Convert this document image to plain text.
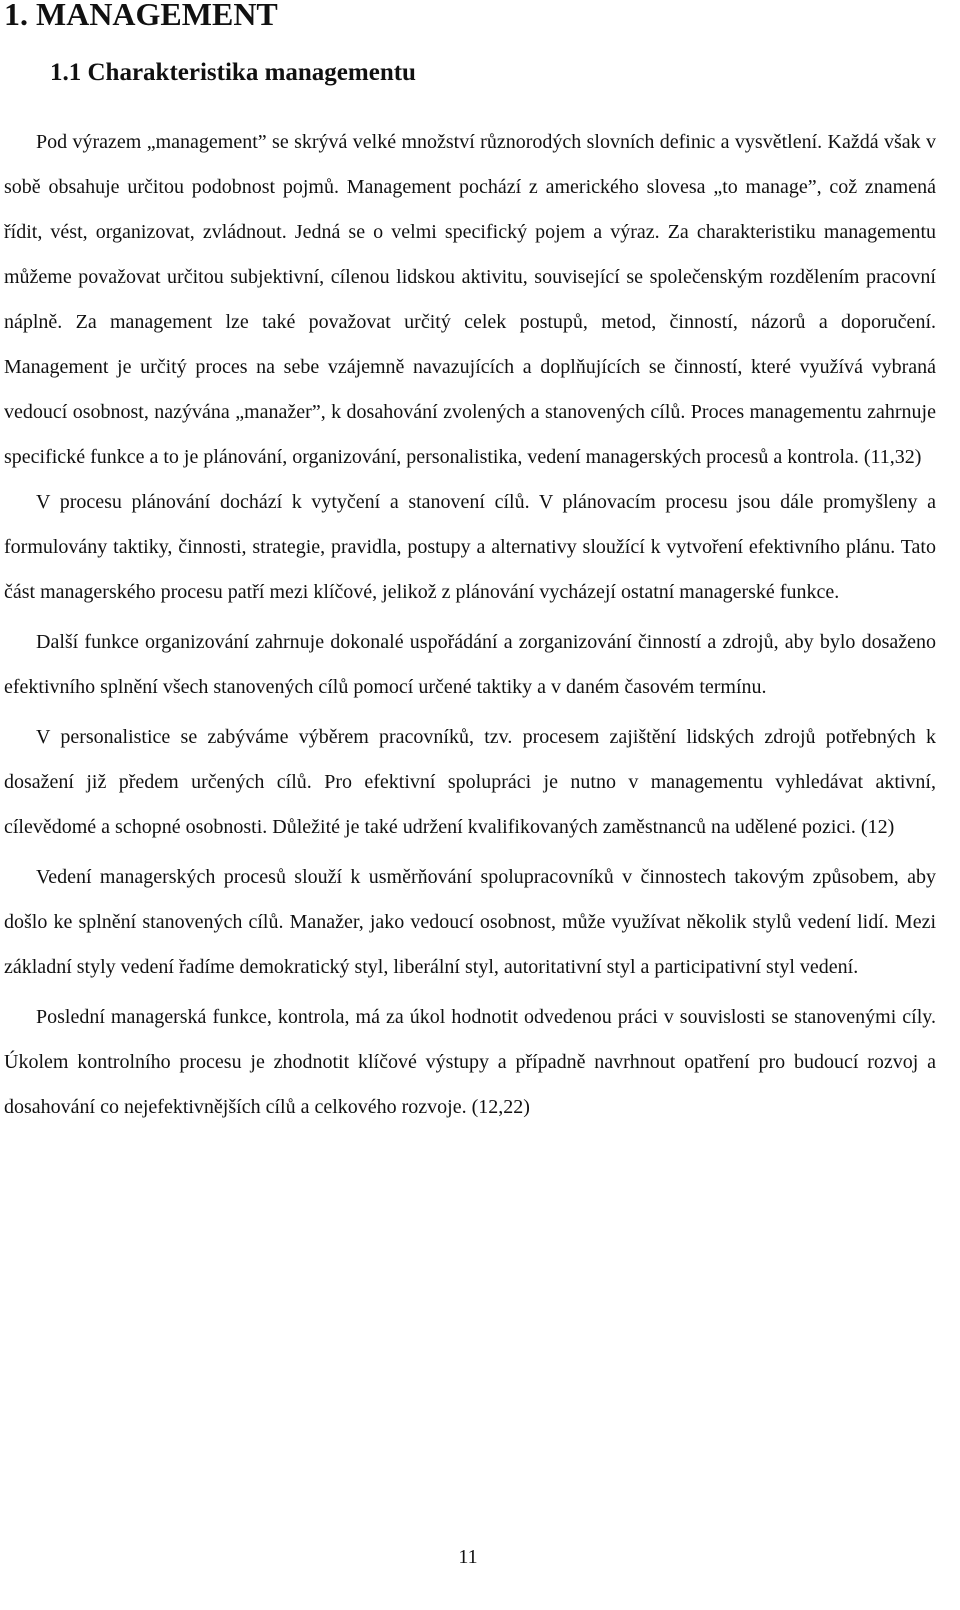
1. MANAGEMENT
1.1 Charakteristika managementu

Pod výrazem „management” se skrývá velké množství různorodých slovních definic a vysvětlení. Každá však v sobě obsahuje určitou podobnost pojmů. Management pochází z amerického slovesa „to manage”, což znamená řídit, vést, organizovat, zvládnout. Jedná se o velmi specifický pojem a výraz. Za charakteristiku managementu můžeme považovat určitou subjektivní, cílenou lidskou aktivitu, související se společenským rozdělením pracovní náplně. Za management lze také považovat určitý celek postupů, metod, činností, názorů a doporučení. Management je určitý proces na sebe vzájemně navazujících a doplňujících se činností, které využívá vybraná vedoucí osobnost, nazývána „manažer”, k dosahování zvolených a stanovených cílů. Proces managementu zahrnuje specifické funkce a to je plánování, organizování, personalistika, vedení managerských procesů a kontrola. (11,32)

V procesu plánování dochází k vytyčení a stanovení cílů. V plánovacím procesu jsou dále promyšleny a formulovány taktiky, činnosti, strategie, pravidla, postupy a alternativy sloužící k vytvoření efektivního plánu. Tato část managerského procesu patří mezi klíčové, jelikož z plánování vycházejí ostatní managerské funkce.

Další funkce organizování zahrnuje dokonalé uspořádání a zorganizování činností a zdrojů, aby bylo dosaženo efektivního splnění všech stanovených cílů pomocí určené taktiky a v daném časovém termínu.

V personalistice se zabýváme výběrem pracovníků, tzv. procesem zajištění lidských zdrojů potřebných k dosažení již předem určených cílů. Pro efektivní spolupráci je nutno v managementu vyhledávat aktivní, cílevědomé a schopné osobnosti. Důležité je také udržení kvalifikovaných zaměstnanců na udělené pozici. (12)

Vedení managerských procesů slouží k usměrňování spolupracovníků v činnostech takovým způsobem, aby došlo ke splnění stanovených cílů. Manažer, jako vedoucí osobnost, může využívat několik stylů vedení lidí. Mezi základní styly vedení řadíme demokratický styl, liberální styl, autoritativní styl a participativní styl vedení.

Poslední managerská funkce, kontrola, má za úkol hodnotit odvedenou práci v souvislosti se stanovenými cíly. Úkolem kontrolního procesu je zhodnotit klíčové výstupy a případně navrhnout opatření pro budoucí rozvoj a dosahování co nejefektivnějších cílů a celkového rozvoje. (12,22)

11
